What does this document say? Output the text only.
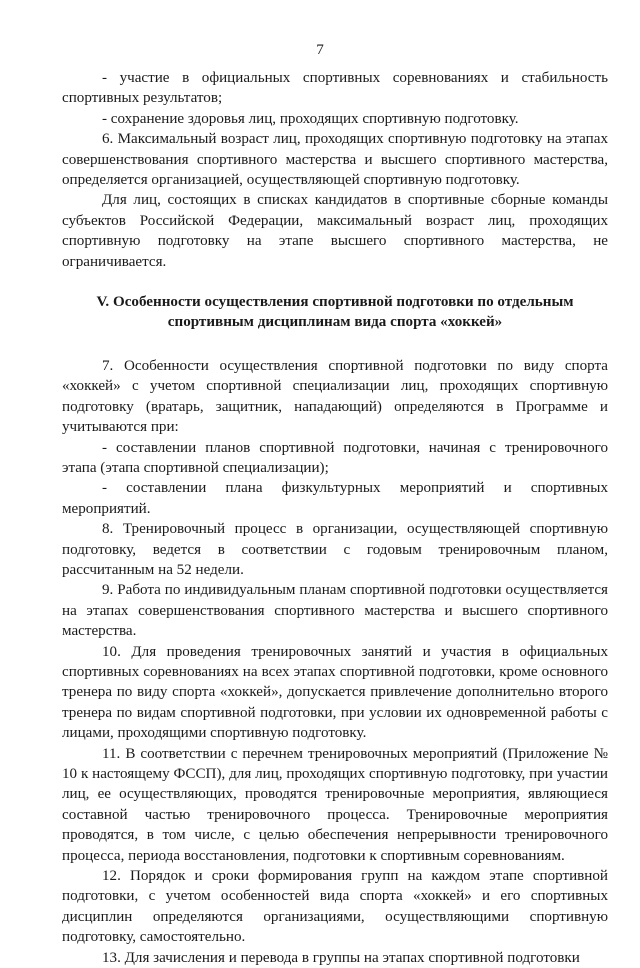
7

- участие в официальных спортивных соревнованиях и стабильность спортивных результатов;

- сохранение здоровья лиц, проходящих спортивную подготовку.

6. Максимальный возраст лиц, проходящих спортивную подготовку на этапах совершенствования спортивного мастерства и высшего спортивного мастерства, определяется организацией, осуществляющей спортивную подготовку.

Для лиц, состоящих в списках кандидатов в спортивные сборные команды субъектов Российской Федерации, максимальный возраст лиц, проходящих спортивную подготовку на этапе высшего спортивного мастерства, не ограничивается.

V. Особенности осуществления спортивной подготовки по отдельным
спортивным дисциплинам вида спорта «хоккей»

7. Особенности осуществления спортивной подготовки по виду спорта «хоккей» с учетом спортивной специализации лиц, проходящих спортивную подготовку (вратарь, защитник, нападающий) определяются в Программе и учитываются при:

- составлении планов спортивной подготовки, начиная с тренировочного этапа (этапа спортивной специализации);

- составлении плана физкультурных мероприятий и спортивных мероприятий.

8. Тренировочный процесс в организации, осуществляющей спортивную подготовку, ведется в соответствии с годовым тренировочным планом, рассчитанным на 52 недели.

9. Работа по индивидуальным планам спортивной подготовки осуществляется на этапах совершенствования спортивного мастерства и высшего спортивного мастерства.

10. Для проведения тренировочных занятий и участия в официальных спортивных соревнованиях на всех этапах спортивной подготовки, кроме основного тренера по виду спорта «хоккей», допускается привлечение дополнительно второго тренера по видам спортивной подготовки, при условии их одновременной работы с лицами, проходящими спортивную подготовку.

11. В соответствии с перечнем тренировочных мероприятий (Приложение № 10 к настоящему ФССП), для лиц, проходящих спортивную подготовку, при участии лиц, ее осуществляющих, проводятся тренировочные мероприятия, являющиеся составной частью тренировочного процесса. Тренировочные мероприятия проводятся, в том числе, с целью обеспечения непрерывности тренировочного процесса, периода восстановления, подготовки к спортивным соревнованиям.

12. Порядок и сроки формирования групп на каждом этапе спортивной подготовки, с учетом особенностей вида спорта «хоккей» и его спортивных дисциплин определяются организациями, осуществляющими спортивную подготовку, самостоятельно.

13. Для зачисления и перевода в группы на этапах спортивной подготовки
